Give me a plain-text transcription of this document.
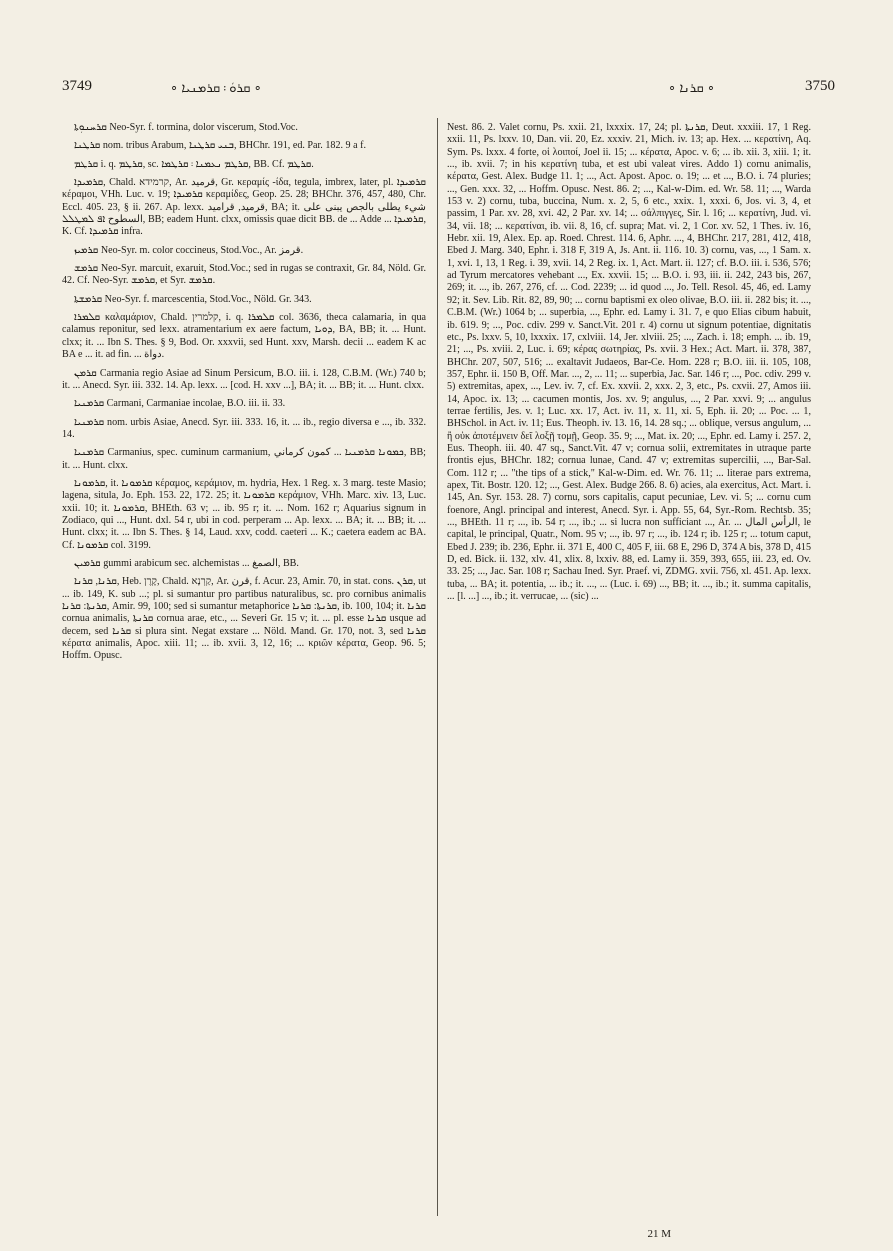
3749	∘ ܩܪܘܿ ܃ ܩܪܡܢܝܐ ∘	∘ ܩܪܢܐ ∘	3750

ܩܪܚܢܘܼܬܐ Neo-Syr. f. tormina, dolor viscerum, Stod.Voc.

ܩܪܛܢܐ nom. tribus Arabum, ܒܢܝ ܩܪܛܢܐ, BHChr. 191, ed. Par. 182. 9 a f.

ܩܪܛܡ i. q. ܩܪܛܡ, sc. ܩܪܛܡ ܢܥܡܢܐ ܃ ܩܪܛܡܐ, BB. Cf. ܩܪܛܡ.

ܩܪܡܝܕܐ, Chald. קרמידא, Ar. قرميد, Gr. κεραμίς -ίδα, tegula, imbrex, later, pl. ܩܪܡܝܕܐ κέραμοι, VHh. Luc. v. 19; ܩܪܡܝܕܐ κεραμίδες, Geop. 25. 28; BHChr. 376, 457, 480, Chr. Eccl. 405. 23, § ii. 267. Ap. lexx. قرميد, قراميد, BA; it. شيء يطلى بالجص يبنى على السطوح ܐܦ ܠܡܛܠܠ, BB; eadem Hunt. clxx, omissis quae dicit BB. de ... Adde ... ܩܪܡܝܕܐ, K. Cf. ܩܪܡܝܕܐ infra.

ܩܪܡܝܙ Neo-Syr. m. color coccineus, Stod.Voc., Ar. قرمز.

ܩܪܡܫ Neo-Syr. marcuit, exaruit, Stod.Voc.; sed in rugas se contraxit, Gr. 84, Nöld. Gr. 42. Cf. Neo-Syr. ܩܪܡܫ, et Syr. ܩܪܡܫ.

ܩܪܡܫܬܐ Neo-Syr. f. marcescentia, Stod.Voc., Nöld. Gr. 343.

ܩܠܡܪܐ καλαμάριον, Chald. קלמרין, i. q. ܩܠܡܪܐ col. 3636, theca calamaria, in qua calamus reponitur, sed lexx. atramentarium ex aere factum, ܕܘܝܐ, BA, BB; it. ... Hunt. clxx; it. ... Ibn S. Thes. § 9, Bod. Or. xxxvii, sed Hunt. xxv, Marsh. decii ... eadem K ac BA e ... it. ad fin. ... دواة.

ܩܪܡܢ Carmania regio Asiae ad Sinum Persicum, B.O. iii. i. 128, C.B.M. (Wr.) 740 b; it. ... Anecd. Syr. iii. 332. 14. Ap. lexx. ... [cod. H. xxv ...], BA; it. ... BB; it. ... Hunt. clxx.

ܩܪܡܢܝܐ Carmani, Carmaniae incolae, B.O. iii. ii. 33.

ܩܪܡܢܝܐ nom. urbis Asiae, Anecd. Syr. iii. 333. 16, it. ... ib., regio diversa e ..., ib. 332. 14.

ܩܪܡܢܝܐ Carmanius, spec. cuminum carmanium, ܟܡܘܢܐ ܩܪܡܢܝܐ ... كمون كرماني, BB; it. ... Hunt. clxx.

ܩܪܡܘܢܐ, it. ܩܪܡܘܢܐ κέραμος, κεράμιον, m. hydria, Hex. 1 Reg. x. 3 marg. teste Masio; lagena, situla, Jo. Eph. 153. 22, 172. 25; it. ܩܪܡܘܢܐ κεράμιον, VHh. Marc. xiv. 13, Luc. xxii. 10; it. ܩܪܡܘܢܐ, BHEth. 63 v; ... ib. 95 r; it. ... Nom. 162 r; Aquarius signum in Zodiaco, qui ..., Hunt. dxl. 54 r, ubi in cod. perperam ... Ap. lexx. ... BA; it. ... BB; it. ... Hunt. clxx; it. ... Ibn S. Thes. § 14, Laud. xxv, codd. caeteri ... K.; caetera eadem ac BA. Cf. ܩܪܡܘܢܐ col. 3199.

ܩܪܡܝܢ gummi arabicum sec. alchemistas ... الصمغ, BB.

ܩܪܢܐ, ܩܪܢܐ, Heb. קֶרֶן, Chald. קַרְנָא, Ar. قرن, f. Acur. 23, Amir. 70, in stat. cons. ܩܪܢ, ut ... ib. 149, K. sub ...; pl. si sumantur pro partibus naturalibus, sc. pro cornibus animalis ܩܪܢܬܐ: ܩܪܢܐ, Amir. 99, 100; sed si sumantur metaphorice ܩܪܢܬܐ: ܩܪܢܐ, ib. 100, 104; it. ܩܪܢܐ cornua animalis, ܩܪܢܬܐ cornua arae, etc., ... Severi Gr. 15 v; it. ... pl. esse ܩܪܢܐ usque ad decem, sed ܩܪܢܐ si plura sint. Negat exstare ... Nöld. Mand. Gr. 170, not. 3, sed ܩܪܢܐ κέρατα animalis, Apoc. xiii. 11; ... ib. xvii. 3, 12, 16; ... κριῶν κέρατα, Geop. 96. 5; Hoffm. Opusc.

Nest. 86. 2. Valet cornu, Ps. xxii. 21, lxxxix. 17, 24; pl. ܩܪܢܬܐ, Deut. xxxiii. 17, 1 Reg. xxii. 11, Ps. lxxv. 10, Dan. vii. 20, Ez. xxxiv. 21, Mich. iv. 13; ap. Hex. ... κερατίνη, Aq. Sym. Ps. lxxx. 4 forte, οἱ λοιποί, Joel ii. 15; ... κέρατα, Apoc. v. 6; ... ib. xii. 3, xiii. 1; it. ..., ib. xvii. 7; in his κερατίνη tuba, et est ubi valeat vires. Addo 1) cornu animalis, κέρατα, Gest. Alex. Budge 11. 1; ..., Act. Apost. Apoc. o. 19; ... et ..., B.O. i. 74 pluries; ..., Gen. xxx. 32, ... Hoffm. Opusc. Nest. 86. 2; ..., Kal-w-Dim. ed. Wr. 58. 11; ..., Warda 153 v. 2) cornu, tuba, buccina, Num. x. 2, 5, 6 etc., xxix. 1, xxxi. 6, Jos. vi. 3, 4, et passim, 1 Par. xv. 28, xvi. 42, 2 Par. xv. 14; ... σάλπιγγες, Sir. l. 16; ... κερατίνη, Jud. vi. 34, vii. 18; ... κερατίναι, ib. vii. 8, 16, cf. supra; Mat. vi. 2, 1 Cor. xv. 52, 1 Thes. iv. 16, Hebr. xii. 19, Alex. Ep. ap. Roed. Chrest. 114. 6, Aphr. ..., 4, BHChr. 217, 281, 412, 418, Ebed J. Marg. 340, Ephr. i. 318 F, 319 A, Js. Ant. ii. 116. 10. 3) cornu, vas, ..., 1 Sam. x. 1, xvi. 1, 13, 1 Reg. i. 39, xvii. 14, 2 Reg. ix. 1, Act. Mart. ii. 127; cf. B.O. iii. i. 536, 576; ad Tyrum mercatores vehebant ..., Ex. xxvii. 15; ... B.O. i. 93, iii. ii. 242, 243 bis, 267, 269; it. ..., ib. 267, 276, cf. ... Cod. 2239; ... id quod ..., Jo. Tell. Resol. 45, 46, ed. Lamy 92; it. Sev. Lib. Rit. 82, 89, 90; ... cornu baptismi ex oleo olivae, B.O. iii. ii. 282 bis; it. ..., C.B.M. (Wr.) 1064 b; ... superbia, ..., Ephr. ed. Lamy i. 31. 7, e quo Elias cibum habuit, ib. 619. 9; ..., Poc. cdiv. 299 v. Sanct.Vit. 201 r. 4) cornu ut signum potentiae, dignitatis etc., Ps. lxxv. 5, 10, lxxxix. 17, cxlviii. 14, Jer. xlviii. 25; ..., Zach. i. 18; emph. ... ib. 19, 21; ..., Ps. xviii. 2, Luc. i. 69; κέρας σωτηρίας, Ps. xvii. 3 Hex.; Act. Mart. ii. 378, 387, BHChr. 207, 507, 516; ... exaltavit Judaeos, Bar-Ce. Hom. 228 r; B.O. iii. ii. 105, 108, 357, Ephr. ii. 150 B, Off. Mar. ..., 2, ... 11; ... superbia, Jac. Sar. 146 r; ..., Poc. cdiv. 299 v. 5) extremitas, apex, ..., Lev. iv. 7, cf. Ex. xxvii. 2, xxx. 2, 3, etc., Ps. cxvii. 27, Amos iii. 14, Apoc. ix. 13; ... cacumen montis, Jos. xv. 9; angulus, ..., 2 Par. xxvi. 9; ... angulus terrae fertilis, Jes. v. 1; Luc. xx. 17, Act. iv. 11, x. 11, xi. 5, Eph. ii. 20; ... Poc. ... 1, BHSchol. in Act. iv. 11; Eus. Theoph. iv. 13. 16, 14. 28 sq.; ... oblique, versus angulum, ... ἢ οὐκ ἀποτέμνειν δεῖ λοξῇ τομῇ, Geop. 35. 9; ..., Mat. ix. 20; ..., Ephr. ed. Lamy i. 257. 2, Eus. Theoph. iii. 40. 47 sq., Sanct.Vit. 47 v; cornua solii, extremitates in utraque parte frontis ejus, BHChr. 182; cornua lunae, Cand. 47 v; extremitas supercilii, ..., Bar-Sal. Com. 112 r; ... "the tips of a stick," Kal-w-Dim. ed. Wr. 76. 11; ... literae pars extrema, apex, Tit. Bostr. 120. 12; ..., Gest. Alex. Budge 266. 8. 6) acies, ala exercitus, Act. Mart. i. 145, An. Syr. 153. 28. 7) cornu, sors capitalis, caput pecuniae, Lev. vi. 5; ... cornu cum foenore, Angl. principal and interest, Anecd. Syr. i. App. 55, 64, Syr.-Rom. Rechtsb. 35; ..., BHEth. 11 r; ..., ib. 54 r; ..., ib.; ... si lucra non sufficiant ..., Ar. ... الرأس المال, le capital, le principal, Quatr., Nom. 95 v; ..., ib. 97 r; ..., ib. 124 r; ib. 125 r; ... totum caput, Ebed J. 239; ib. 236, Ephr. ii. 371 E, 400 C, 405 F, iii. 68 E, 296 D, 374 A bis, 378 D, 415 D, ed. Bick. ii. 132, xlv. 41, xlix. 8, lxxiv. 88, ed. Lamy ii. 359, 393, 655, iii. 23, ed. Ov. 33. 25; ..., Jac. Sar. 108 r; Sachau Ined. Syr. Praef. vi, ZDMG. xvii. 756, xl. 451. Ap. lexx. tuba, ... BA; it. potentia, ... ib.; it. ..., ... (Luc. i. 69) ..., BB; it. ..., ib.; it. summa capitalis, ... [l. ...] ..., ib.; it. verrucae, ... (sic) ...

21 M
